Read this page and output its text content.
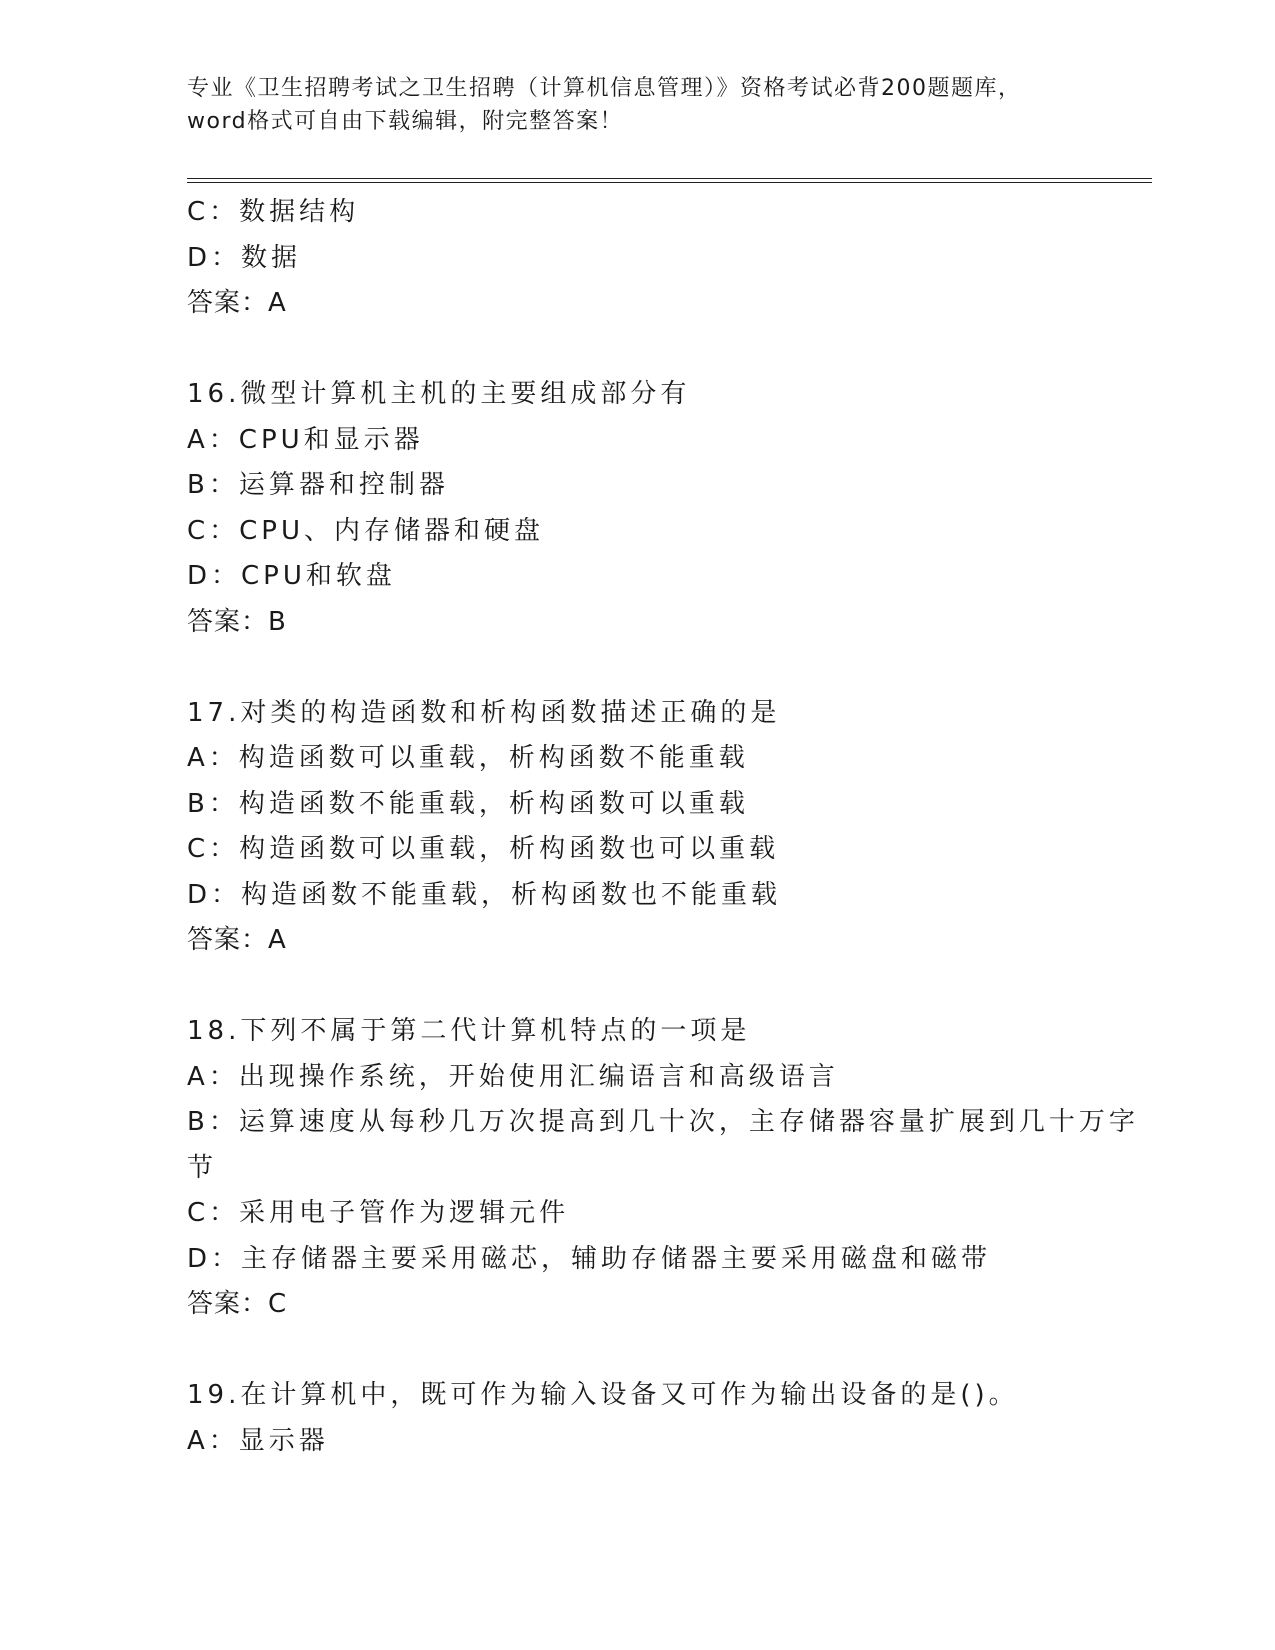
专业《卫生招聘考试之卫生招聘（计算机信息管理）》资格考试必背200题题库，
word格式可自由下载编辑，附完整答案！
C：数据结构
D：数据
答案：A
16.微型计算机主机的主要组成部分有
A：CPU和显示器
B：运算器和控制器
C：CPU、内存储器和硬盘
D：CPU和软盘
答案：B
17.对类的构造函数和析构函数描述正确的是
A：构造函数可以重载，析构函数不能重载
B：构造函数不能重载，析构函数可以重载
C：构造函数可以重载，析构函数也可以重载
D：构造函数不能重载，析构函数也不能重载
答案：A
18.下列不属于第二代计算机特点的一项是
A：出现操作系统，开始使用汇编语言和高级语言
B：运算速度从每秒几万次提高到几十次，主存储器容量扩展到几十万字节
C：采用电子管作为逻辑元件
D：主存储器主要采用磁芯，辅助存储器主要采用磁盘和磁带
答案：C
19.在计算机中，既可作为输入设备又可作为输出设备的是()。
A：显示器
